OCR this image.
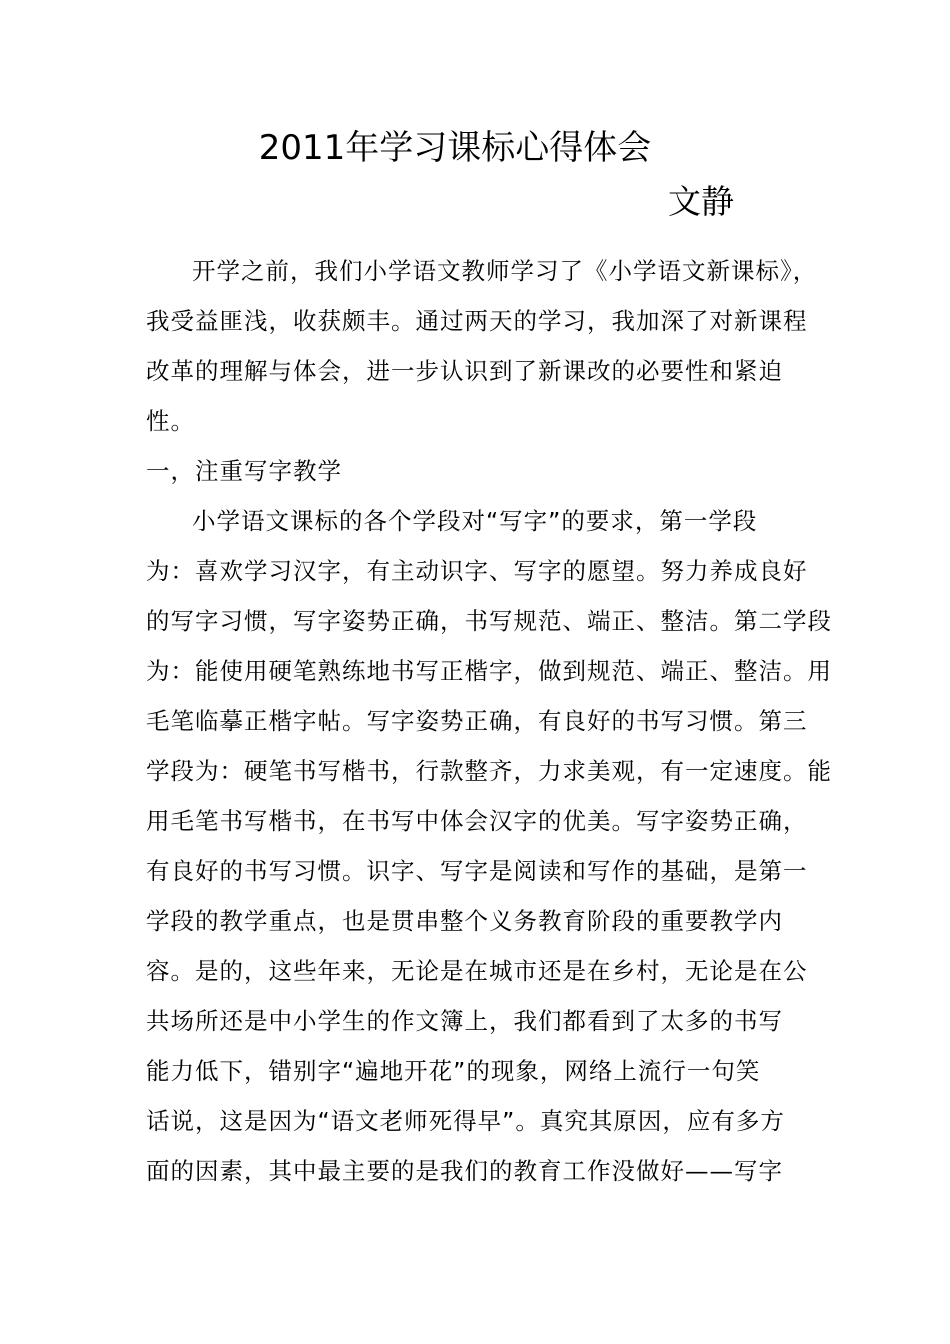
2011年学习课标心得体会
文静
开学之前，我们小学语文教师学习了《小学语文新课标》，
我受益匪浅，收获颇丰。通过两天的学习，我加深了对新课程
改革的理解与体会，进一步认识到了新课改的必要性和紧迫
性。
一，注重写字教学
小学语文课标的各个学段对“写字”的要求，第一学段
为：喜欢学习汉字，有主动识字、写字的愿望。努力养成良好
的写字习惯，写字姿势正确，书写规范、端正、整洁。第二学段
为：能使用硬笔熟练地书写正楷字，做到规范、端正、整洁。用
毛笔临摹正楷字帖。写字姿势正确，有良好的书写习惯。第三
学段为：硬笔书写楷书，行款整齐，力求美观，有一定速度。能
用毛笔书写楷书，在书写中体会汉字的优美。写字姿势正确，
有良好的书写习惯。识字、写字是阅读和写作的基础，是第一
学段的教学重点，也是贯串整个义务教育阶段的重要教学内
容。是的，这些年来，无论是在城市还是在乡村，无论是在公
共场所还是中小学生的作文簿上，我们都看到了太多的书写
能力低下，错别字“遍地开花”的现象，网络上流行一句笑
话说，这是因为“语文老师死得早”。真究其原因，应有多方
面的因素，其中最主要的是我们的教育工作没做好——写字
